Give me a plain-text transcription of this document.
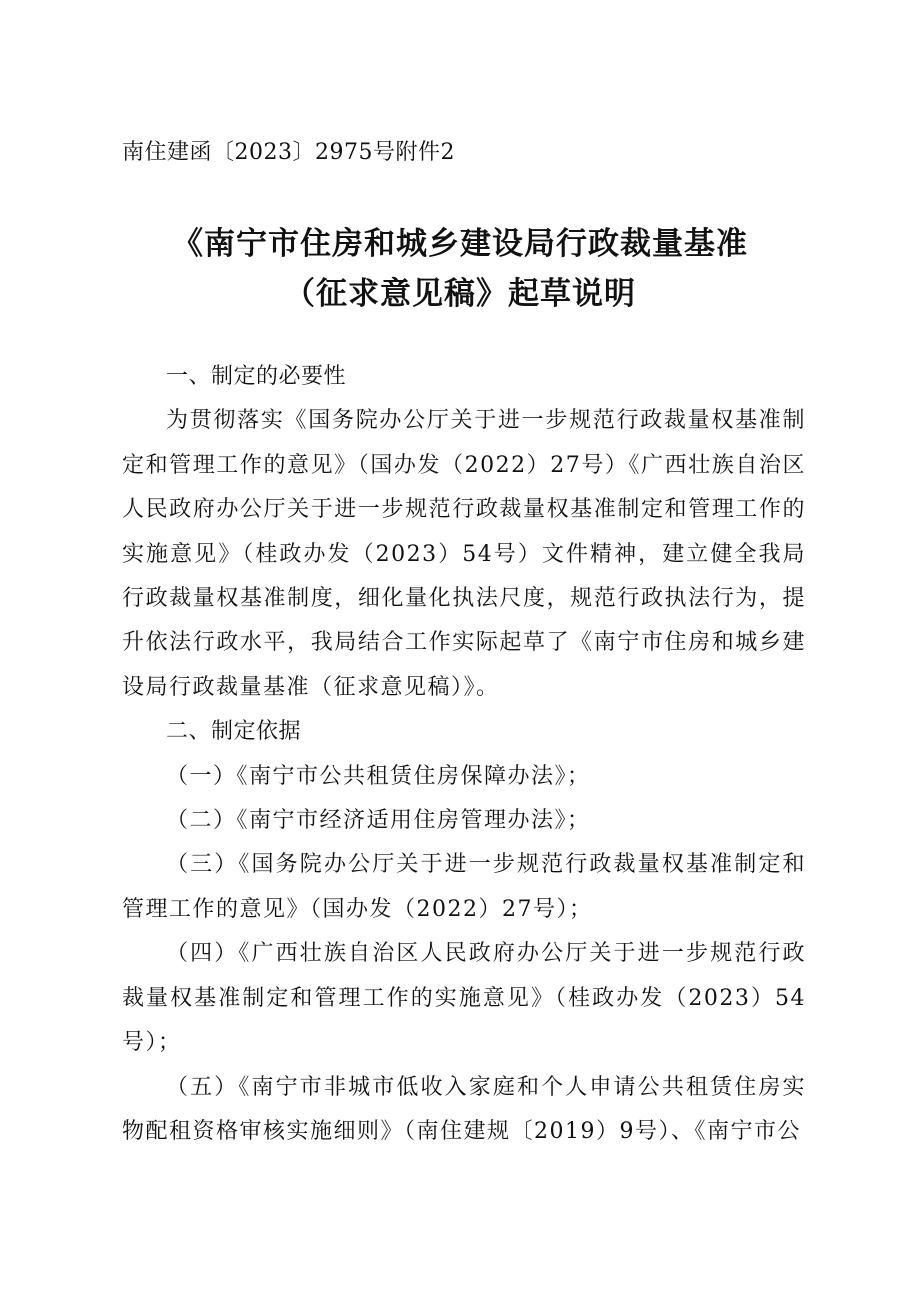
南住建函〔2023〕2975号附件2
《南宁市住房和城乡建设局行政裁量基准
（征求意见稿》起草说明

一、制定的必要性

为贯彻落实《国务院办公厅关于进一步规范行政裁量权基准制定和管理工作的意见》（国办发（2022）27号）《广西壮族自治区人民政府办公厅关于进一步规范行政裁量权基准制定和管理工作的实施意见》（桂政办发（2023）54号）文件精神，建立健全我局行政裁量权基准制度，细化量化执法尺度，规范行政执法行为，提升依法行政水平，我局结合工作实际起草了《南宁市住房和城乡建设局行政裁量基准（征求意见稿）》。

二、制定依据

（一）《南宁市公共租赁住房保障办法》；

（二）《南宁市经济适用住房管理办法》；

（三）《国务院办公厅关于进一步规范行政裁量权基准制定和管理工作的意见》（国办发（2022）27号）；

（四）《广西壮族自治区人民政府办公厅关于进一步规范行政裁量权基准制定和管理工作的实施意见》（桂政办发（2023）54号）；

（五）《南宁市非城市低收入家庭和个人申请公共租赁住房实物配租资格审核实施细则》（南住建规〔2019）9号）、《南宁市公
